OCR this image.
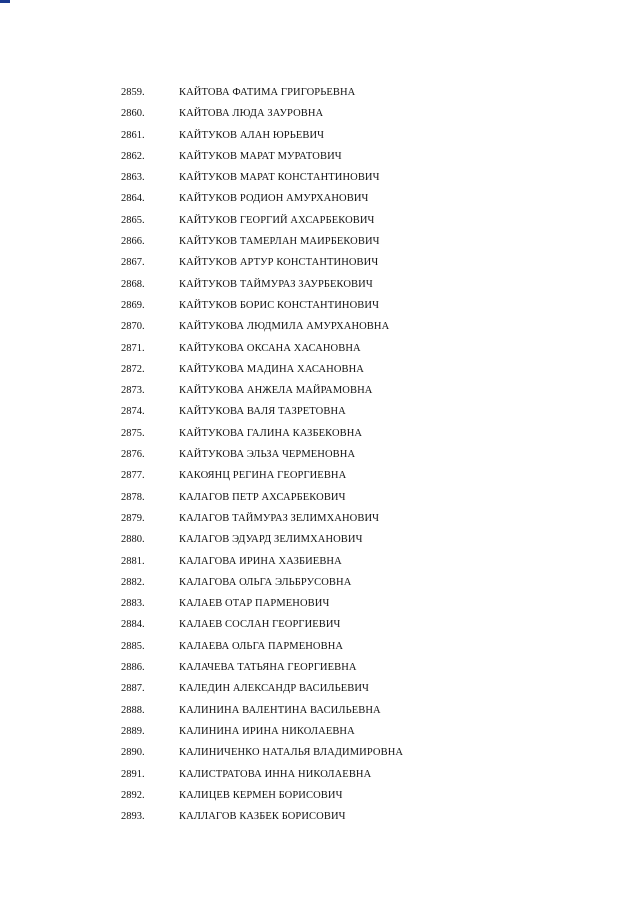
2859.	КАЙТОВА ФАТИМА ГРИГОРЬЕВНА
2860.	КАЙТОВА ЛЮДА ЗАУРОВНА
2861.	КАЙТУКОВ АЛАН ЮРЬЕВИЧ
2862.	КАЙТУКОВ МАРАТ МУРАТОВИЧ
2863.	КАЙТУКОВ МАРАТ КОНСТАНТИНОВИЧ
2864.	КАЙТУКОВ РОДИОН АМУРХАНОВИЧ
2865.	КАЙТУКОВ ГЕОРГИЙ АХСАРБЕКОВИЧ
2866.	КАЙТУКОВ ТАМЕРЛАН МАИРБЕКОВИЧ
2867.	КАЙТУКОВ АРТУР КОНСТАНТИНОВИЧ
2868.	КАЙТУКОВ ТАЙМУРАЗ ЗАУРБЕКОВИЧ
2869.	КАЙТУКОВ БОРИС КОНСТАНТИНОВИЧ
2870.	КАЙТУКОВА ЛЮДМИЛА АМУРХАНОВНА
2871.	КАЙТУКОВА ОКСАНА ХАСАНОВНА
2872.	КАЙТУКОВА МАДИНА ХАСАНОВНА
2873.	КАЙТУКОВА АНЖЕЛА МАЙРАМОВНА
2874.	КАЙТУКОВА ВАЛЯ ТАЗРЕТОВНА
2875.	КАЙТУКОВА ГАЛИНА КАЗБЕКОВНА
2876.	КАЙТУКОВА ЭЛЬЗА ЧЕРМЕНОВНА
2877.	КАКОЯНЦ РЕГИНА ГЕОРГИЕВНА
2878.	КАЛАГОВ ПЕТР АХСАРБЕКОВИЧ
2879.	КАЛАГОВ ТАЙМУРАЗ ЗЕЛИМХАНОВИЧ
2880.	КАЛАГОВ ЭДУАРД ЗЕЛИМХАНОВИЧ
2881.	КАЛАГОВА ИРИНА ХАЗБИЕВНА
2882.	КАЛАГОВА ОЛЬГА ЭЛЬБРУСОВНА
2883.	КАЛАЕВ ОТАР ПАРМЕНОВИЧ
2884.	КАЛАЕВ СОСЛАН ГЕОРГИЕВИЧ
2885.	КАЛАЕВА ОЛЬГА ПАРМЕНОВНА
2886.	КАЛАЧЕВА ТАТЬЯНА ГЕОРГИЕВНА
2887.	КАЛЕДИН АЛЕКСАНДР ВАСИЛЬЕВИЧ
2888.	КАЛИНИНА ВАЛЕНТИНА ВАСИЛЬЕВНА
2889.	КАЛИНИНА ИРИНА НИКОЛАЕВНА
2890.	КАЛИНИЧЕНКО НАТАЛЬЯ ВЛАДИМИРОВНА
2891.	КАЛИСТРАТОВА ИННА НИКОЛАЕВНА
2892.	КАЛИЦЕВ КЕРМЕН БОРИСОВИЧ
2893.	КАЛЛАГОВ КАЗБЕК БОРИСОВИЧ
